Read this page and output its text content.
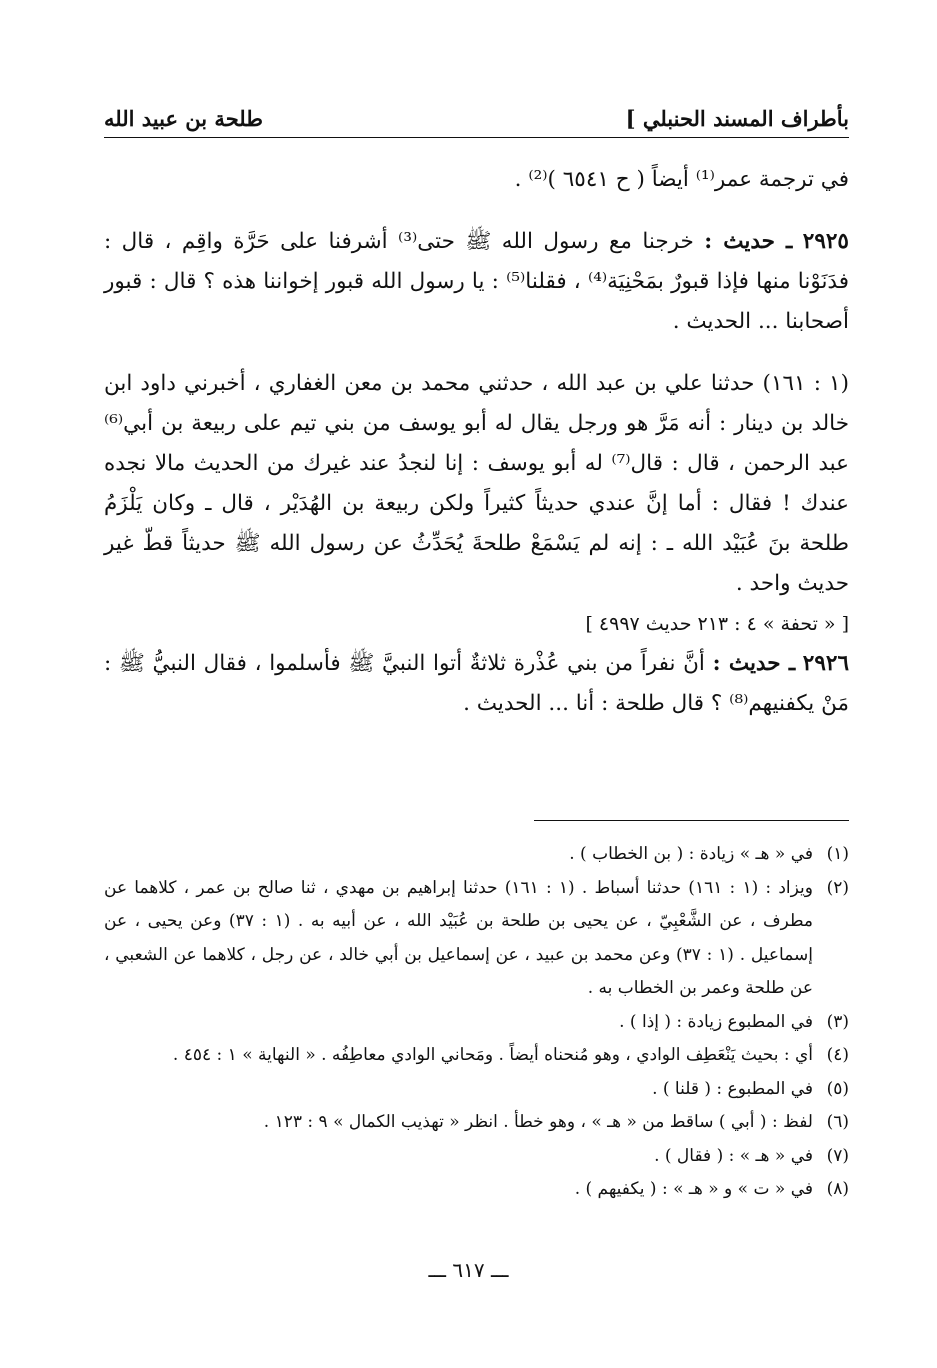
بأطراف المسند الحنبلي ]
طلحة بن عبيد الله

في ترجمة عمر⁽¹⁾ أيضاً ( ح ٦٥٤١ )⁽²⁾ .

٢٩٢٥ ـ حديث : خرجنا مع رسول الله ﷺ حتى⁽³⁾ أشرفنا على حَرَّة واقِم ، قال : فدَنَوْنا منها فإذا قبورٌ بمَحْنِيَة⁽⁴⁾ ، فقلنا⁽⁵⁾ : يا رسول الله قبور إخواننا هذه ؟ قال : قبور أصحابنا ... الحديث .

(١ : ١٦١) حدثنا علي بن عبد الله ، حدثني محمد بن معن الغفاري ، أخبرني داود ابن خالد بن دينار : أنه مَرَّ هو ورجل يقال له أبو يوسف من بني تيم على ربيعة بن أبي⁽⁶⁾ عبد الرحمن ، قال : قال⁽⁷⁾ له أبو يوسف : إنا لنجدُ عند غيرك من الحديث مالا نجده عندك ! فقال : أما إنَّ عندي حديثاً كثيراً ولكن ربيعة بن الهُدَيْر ، قال ـ وكان يَلْزَمُ طلحة بنَ عُبَيْد الله ـ : إنه لم يَسْمَعْ طلحةَ يُحَدِّثُ عن رسول الله ﷺ حديثاً قطّ غير حديث واحد .

[ « تحفة » ٤ : ٢١٣ حديث ٤٩٩٧ ]

٢٩٢٦ ـ حديث : أنَّ نفراً من بني عُذْرة ثلاثةٌ أتوا النبيَّ ﷺ فأسلموا ، فقال النبيُّ ﷺ : مَنْ يكفنيهم⁽⁸⁾ ؟ قال طلحة : أنا ... الحديث .

(١)
في « هـ » زيادة : ( بن الخطاب ) .
(٢)
ويزاد : (١ : ١٦١) حدثنا أسباط . (١ : ١٦١) حدثنا إبراهيم بن مهدي ، ثنا صالح بن عمر ، كلاهما عن مطرف ، عن الشَّعْبِيّ ، عن يحيى بن طلحة بن عُبَيْد الله ، عن أبيه به . (١ : ٣٧) وعن يحيى ، عن إسماعيل . (١ : ٣٧) وعن محمد بن عبيد ، عن إسماعيل بن أبي خالد ، عن رجل ، كلاهما عن الشعبي ، عن طلحة وعمر بن الخطاب به .
(٣)
في المطبوع زيادة : ( إذا ) .
(٤)
أي : بحيث يَنْعَطِف الوادي ، وهو مُنحناه أيضاً . ومَحاني الوادي معاطِفُه . « النهاية » ١ : ٤٥٤ .
(٥)
في المطبوع : ( قلنا ) .
(٦)
لفظ : ( أبي ) ساقط من « هـ » ، وهو خطأ . انظر « تهذيب الكمال » ٩ : ١٢٣ .
(٧)
في « هـ » : ( فقال ) .
(٨)
في « ت » و « هـ » : ( يكفيهم ) .
ـــ ٦١٧ ـــ
